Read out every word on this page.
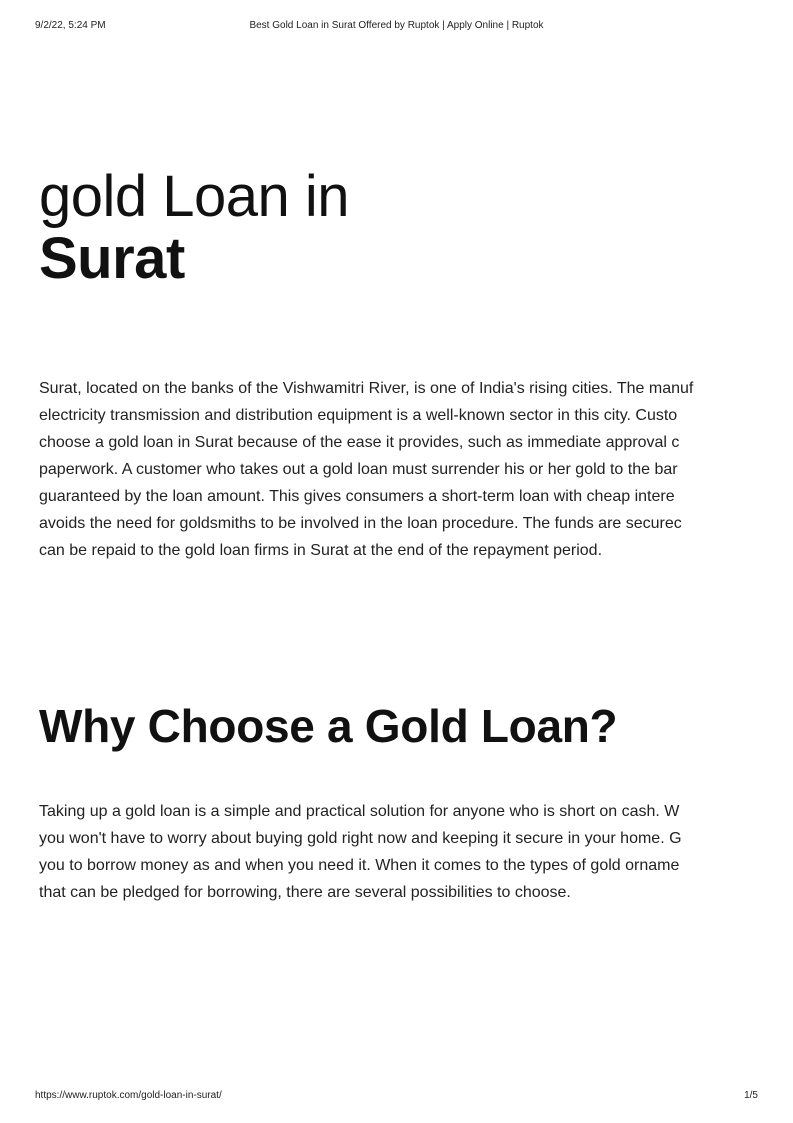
9/2/22, 5:24 PM	Best Gold Loan in Surat Offered by Ruptok | Apply Online | Ruptok
gold Loan in
Surat

Surat, located on the banks of the Vishwamitri River, is one of India's rising cities. The manuf
electricity transmission and distribution equipment is a well-known sector in this city. Custo
choose a gold loan in Surat because of the ease it provides, such as immediate approval c
paperwork. A customer who takes out a gold loan must surrender his or her gold to the bar
guaranteed by the loan amount. This gives consumers a short-term loan with cheap intere
avoids the need for goldsmiths to be involved in the loan procedure. The funds are securec
can be repaid to the gold loan firms in Surat at the end of the repayment period.

Why Choose a Gold Loan?

Taking up a gold loan is a simple and practical solution for anyone who is short on cash. W
you won't have to worry about buying gold right now and keeping it secure in your home. G
you to borrow money as and when you need it. When it comes to the types of gold orname
that can be pledged for borrowing, there are several possibilities to choose.

https://www.ruptok.com/gold-loan-in-surat/	1/5
